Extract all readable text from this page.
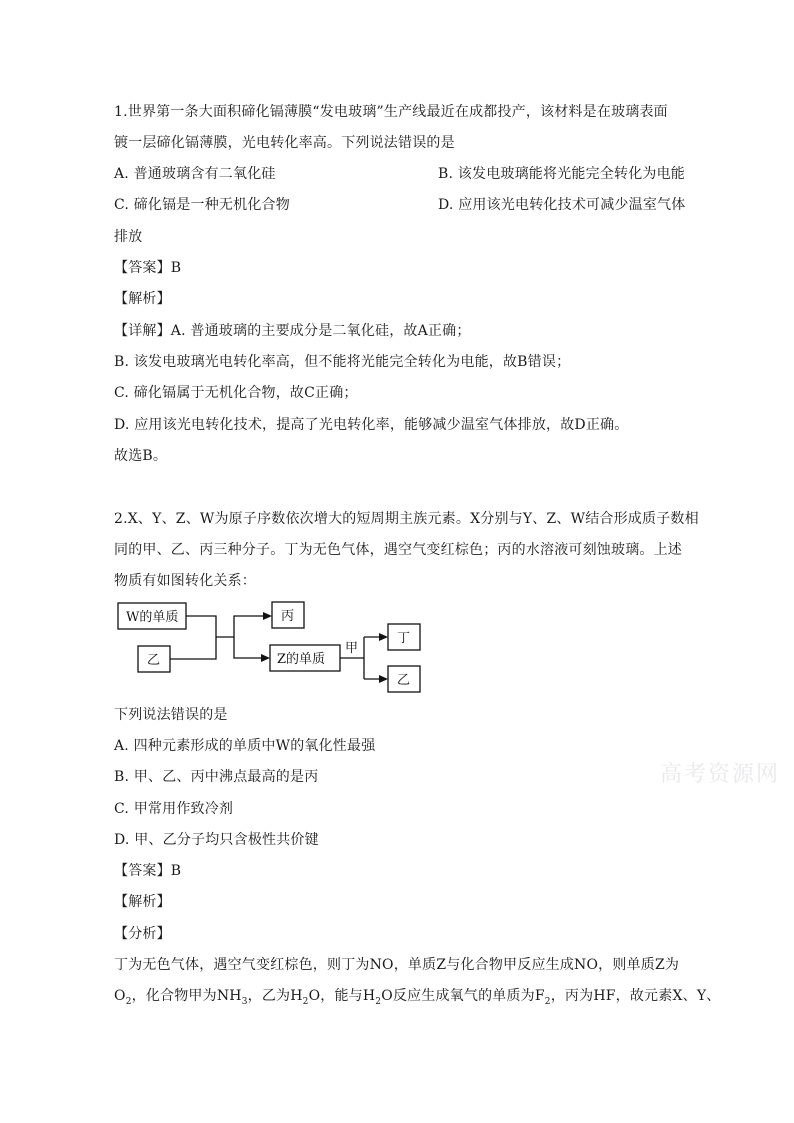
1.世界第一条大面积碲化镉薄膜“发电玻璃”生产线最近在成都投产，该材料是在玻璃表面
镀一层碲化镉薄膜，光电转化率高。下列说法错误的是
A. 普通玻璃含有二氧化硅	B. 该发电玻璃能将光能完全转化为电能
C. 碲化镉是一种无机化合物	D. 应用该光电转化技术可减少温室气体
排放
【答案】B
【解析】
【详解】A. 普通玻璃的主要成分是二氧化硅，故A正确；
B. 该发电玻璃光电转化率高，但不能将光能完全转化为电能，故B错误；
C. 碲化镉属于无机化合物，故C正确；
D. 应用该光电转化技术，提高了光电转化率，能够减少温室气体排放，故D正确。
故选B。
2.X、Y、Z、W为原子序数依次增大的短周期主族元素。X分别与Y、Z、W结合形成质子数相
同的甲、乙、丙三种分子。丁为无色气体，遇空气变红棕色；丙的水溶液可刻蚀玻璃。上述
物质有如图转化关系：
W的单质
乙
丙
Z的单质
甲
丁
乙
下列说法错误的是
A. 四种元素形成的单质中W的氧化性最强
B. 甲、乙、丙中沸点最高的是丙
C. 甲常用作致冷剂
D. 甲、乙分子均只含极性共价键
【答案】B
【解析】
【分析】
丁为无色气体，遇空气变红棕色，则丁为NO，单质Z与化合物甲反应生成NO，则单质Z为
$O_2$，化合物甲为$NH_3$，乙为$H_2O$，能与$H_2O$反应生成氧气的单质为$F_2$，丙为HF，故元素X、Y、
高考资源网
